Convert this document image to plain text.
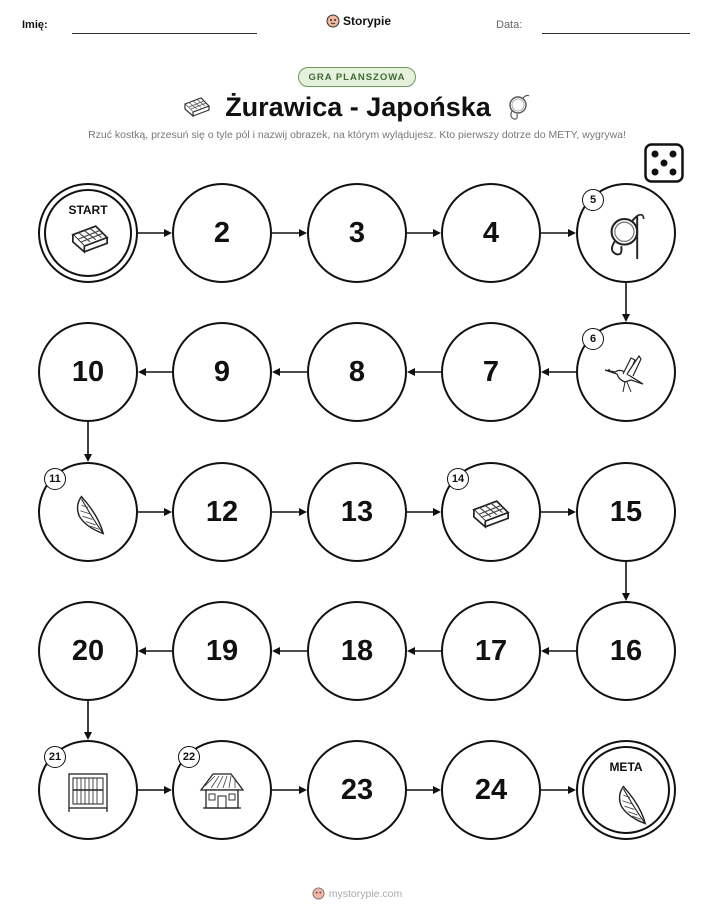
Imię:	Storypie	Data:
GRA PLANSZOWA
Żurawica - Japońska
Rzuć kostką, przesuń się o tyle pól i nazwij obrazek, na którym wylądujesz. Kto pierwszy dotrze do METY, wygrywa!
START
2	3	4
5
6
7
8
9
10
11
12	13
14
15
16
17
18
19
20
21	22
23	24
META
mystorypie.com
